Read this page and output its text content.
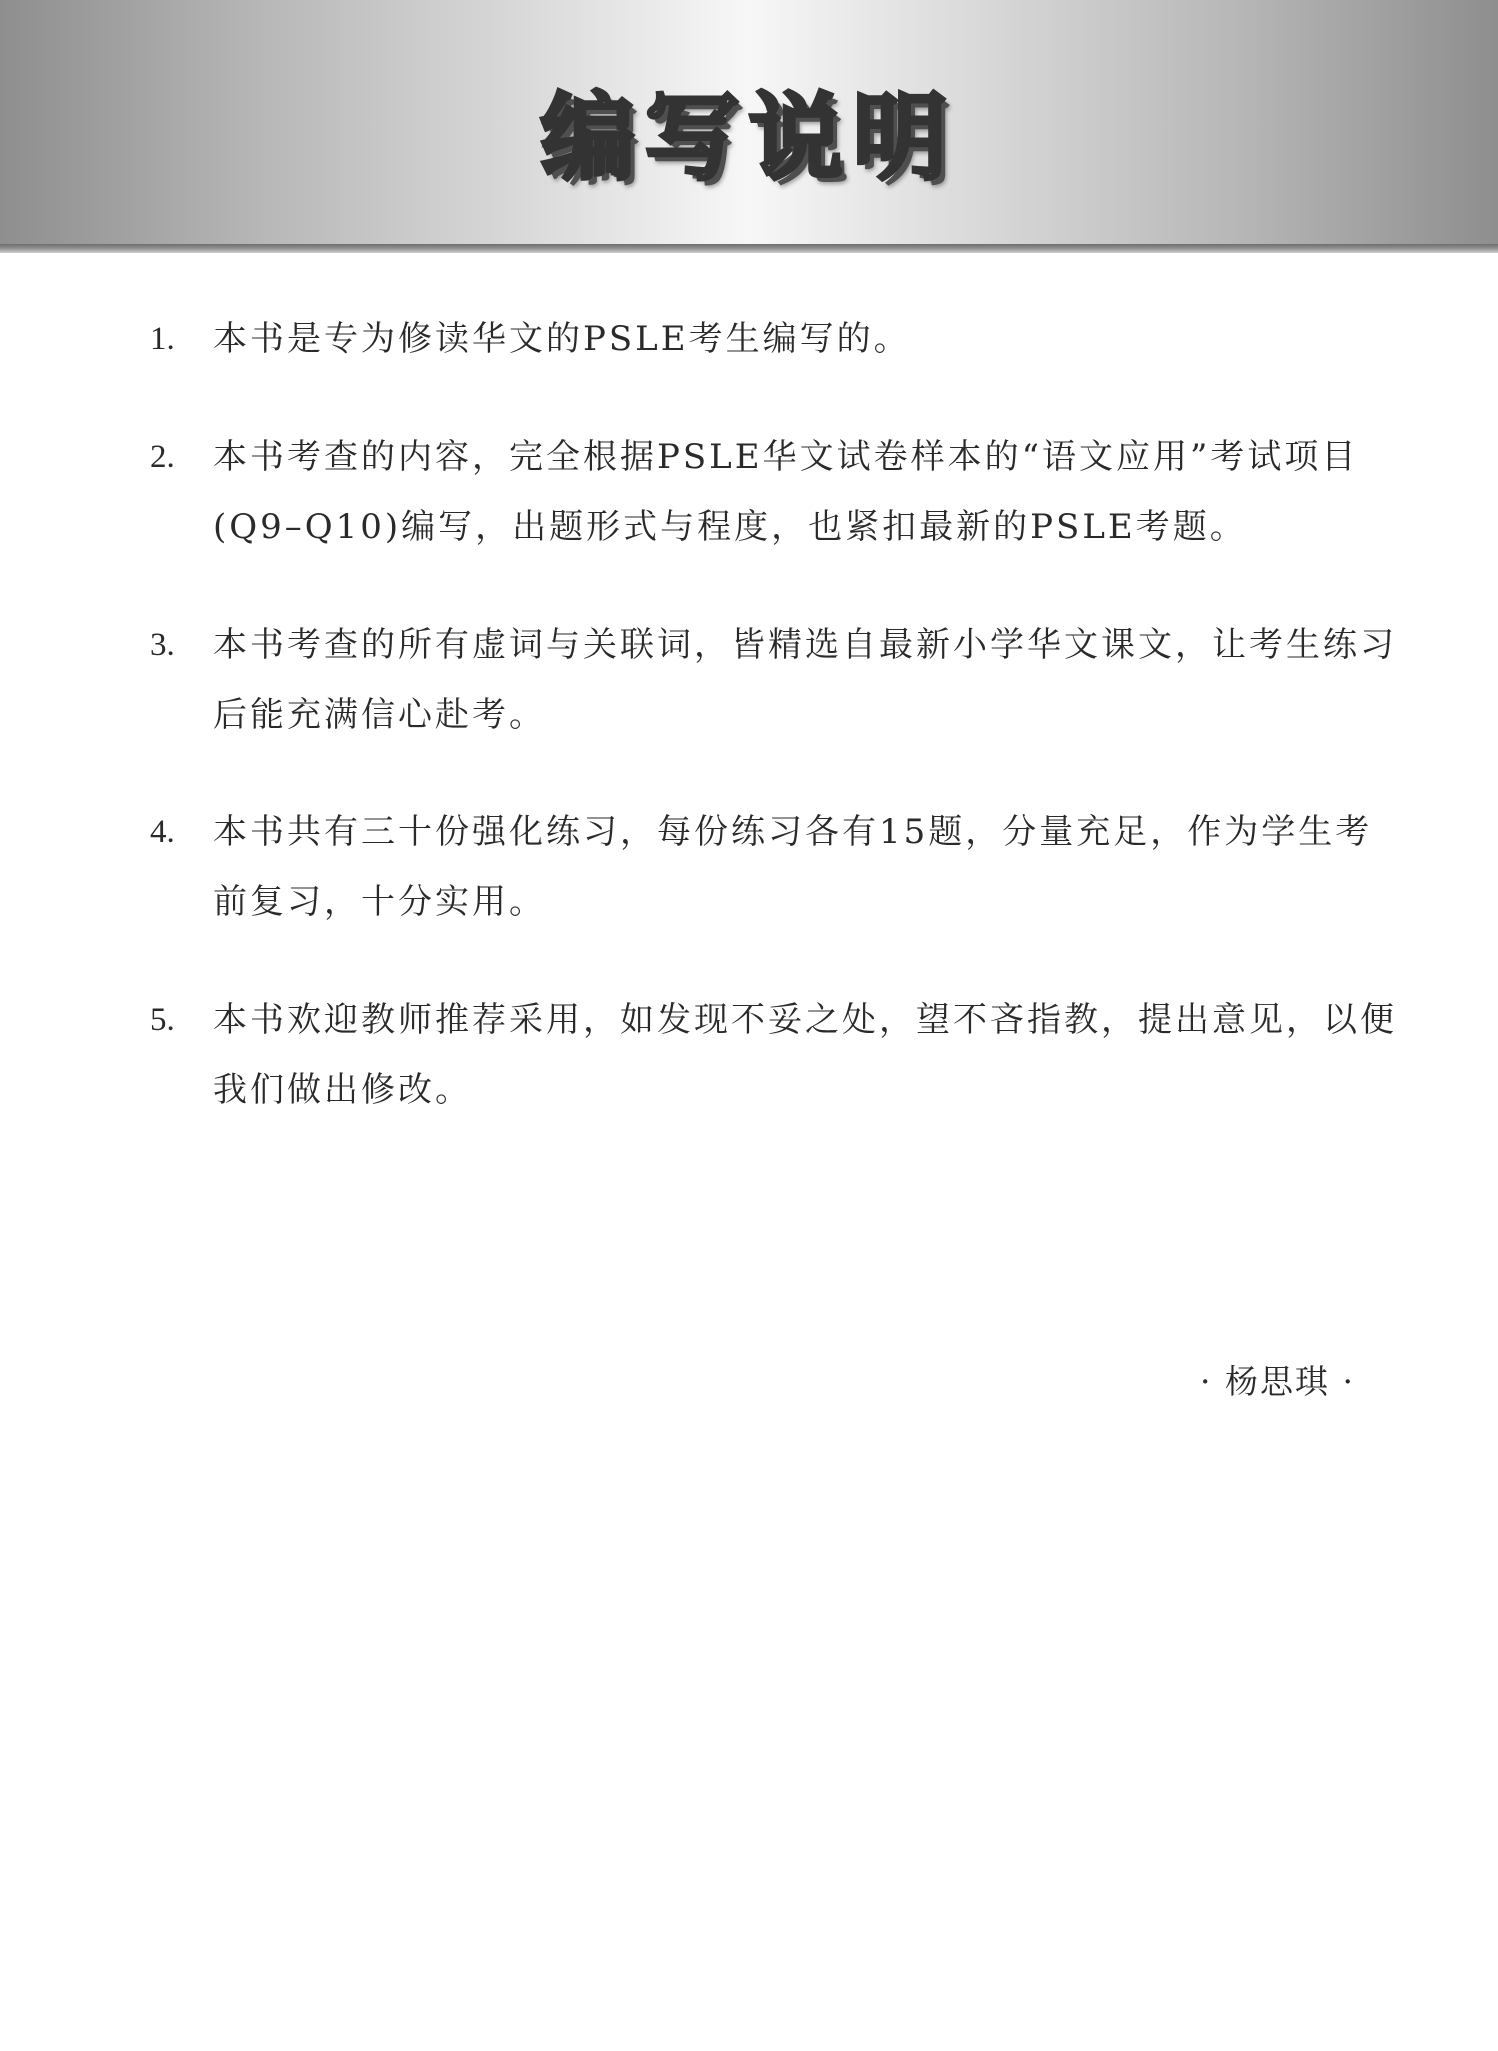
编写说明
1. 本书是专为修读华文的PSLE考生编写的。
2. 本书考查的内容，完全根据PSLE华文试卷样本的“语文应用”考试项目(Q9–Q10)编写，出题形式与程度，也紧扣最新的PSLE考题。
3. 本书考查的所有虚词与关联词，皆精选自最新小学华文课文，让考生练习后能充满信心赴考。
4. 本书共有三十份强化练习，每份练习各有15题，分量充足，作为学生考前复习，十分实用。
5. 本书欢迎教师推荐采用，如发现不妥之处，望不吝指教，提出意见，以便我们做出修改。
· 杨思琪 ·
